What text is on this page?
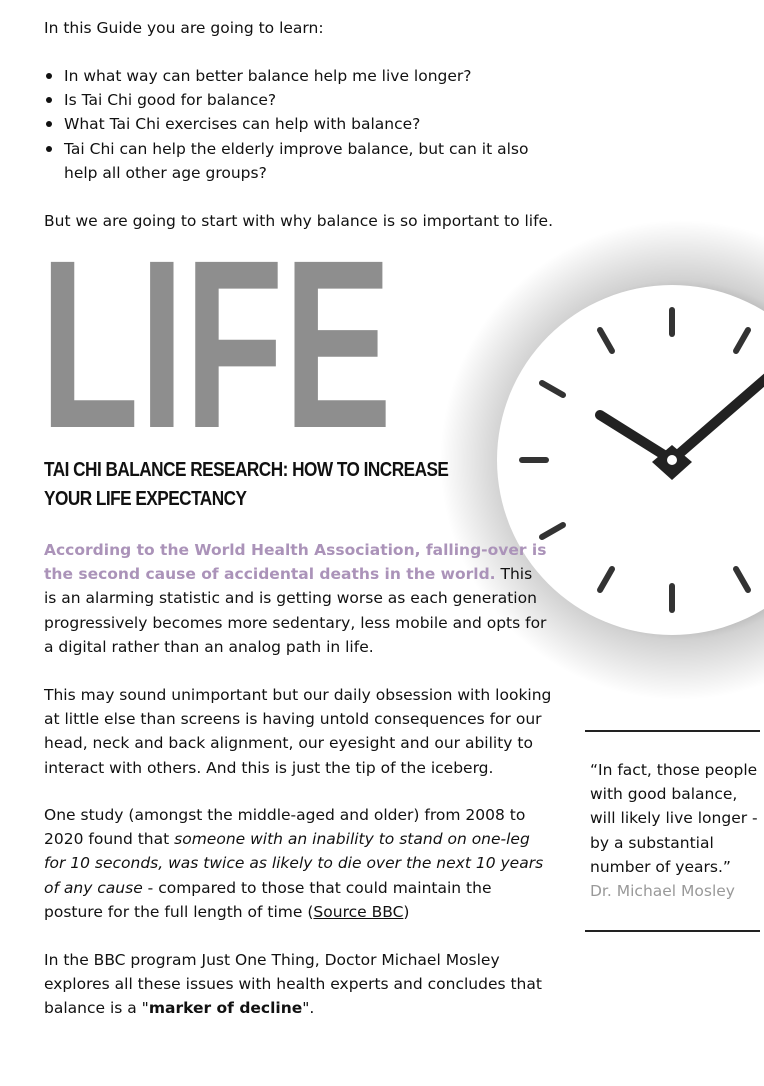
In this Guide you are going to learn:

In what way can better balance help me live longer?
Is Tai Chi good for balance?
What Tai Chi exercises can help with balance?
Tai Chi can help the elderly improve balance, but can it also help all other age groups?

But we are going to start with why balance is so important to life.

LIFE
TAI CHI BALANCE RESEARCH: HOW TO INCREASE YOUR LIFE EXPECTANCY

According to the World Health Association, falling-over is the second cause of accidental deaths in the world. This is an alarming statistic and is getting worse as each generation progressively becomes more sedentary, less mobile and opts for a digital rather than an analog path in life.

This may sound unimportant but our daily obsession with looking at little else than screens is having untold consequences for our head, neck and back alignment, our eyesight and our ability to interact with others. And this is just the tip of the iceberg.

One study (amongst the middle-aged and older) from 2008 to 2020 found that someone with an inability to stand on one-leg for 10 seconds, was twice as likely to die over the next 10 years of any cause - compared to those that could maintain the posture for the full length of time (Source BBC)

In the BBC program Just One Thing, Doctor Michael Mosley explores all these issues with health experts and concludes that balance is a "marker of decline".

“In fact, those people with good balance, will likely live longer - by a substantial number of years.”

Dr. Michael Mosley
